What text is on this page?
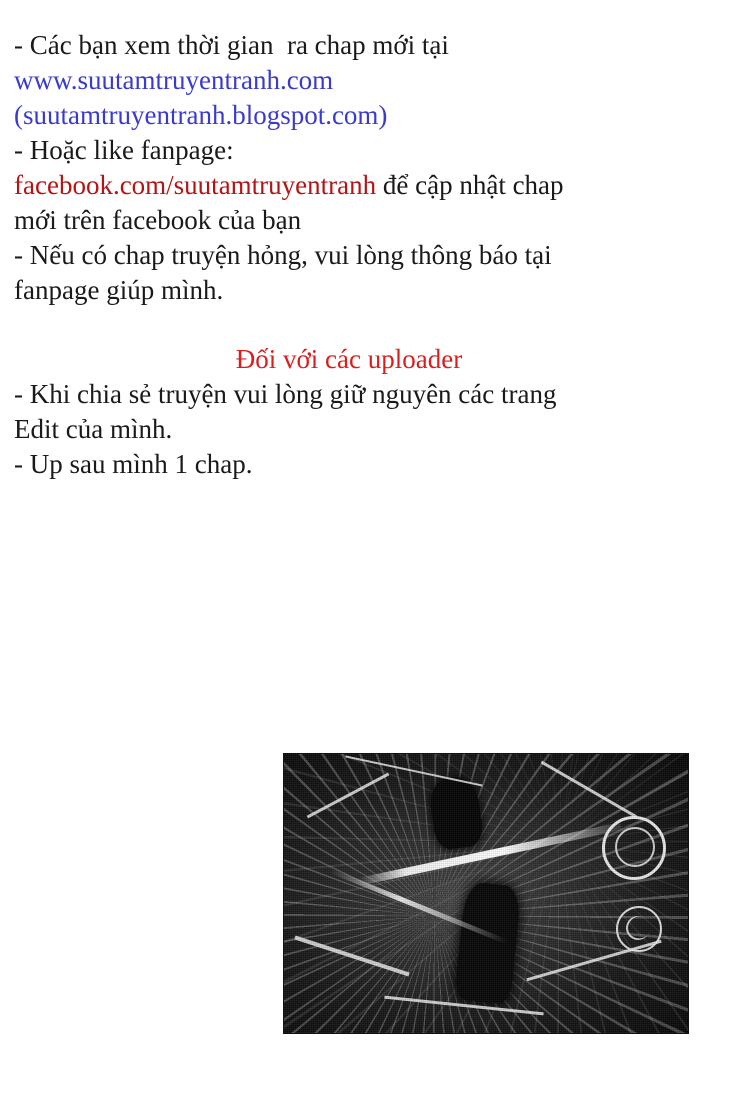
- Các bạn xem thời gian  ra chap mới tại
www.suutamtruyentranh.com
(suutamtruyentranh.blogspot.com)
- Hoặc like fanpage:
facebook.com/suutamtruyentranh để cập nhật chap
mới trên facebook của bạn
- Nếu có chap truyện hỏng, vui lòng thông báo tại
fanpage giúp mình.
Đối với các uploader
- Khi chia sẻ truyện vui lòng giữ nguyên các trang
Edit của mình.
- Up sau mình 1 chap.
